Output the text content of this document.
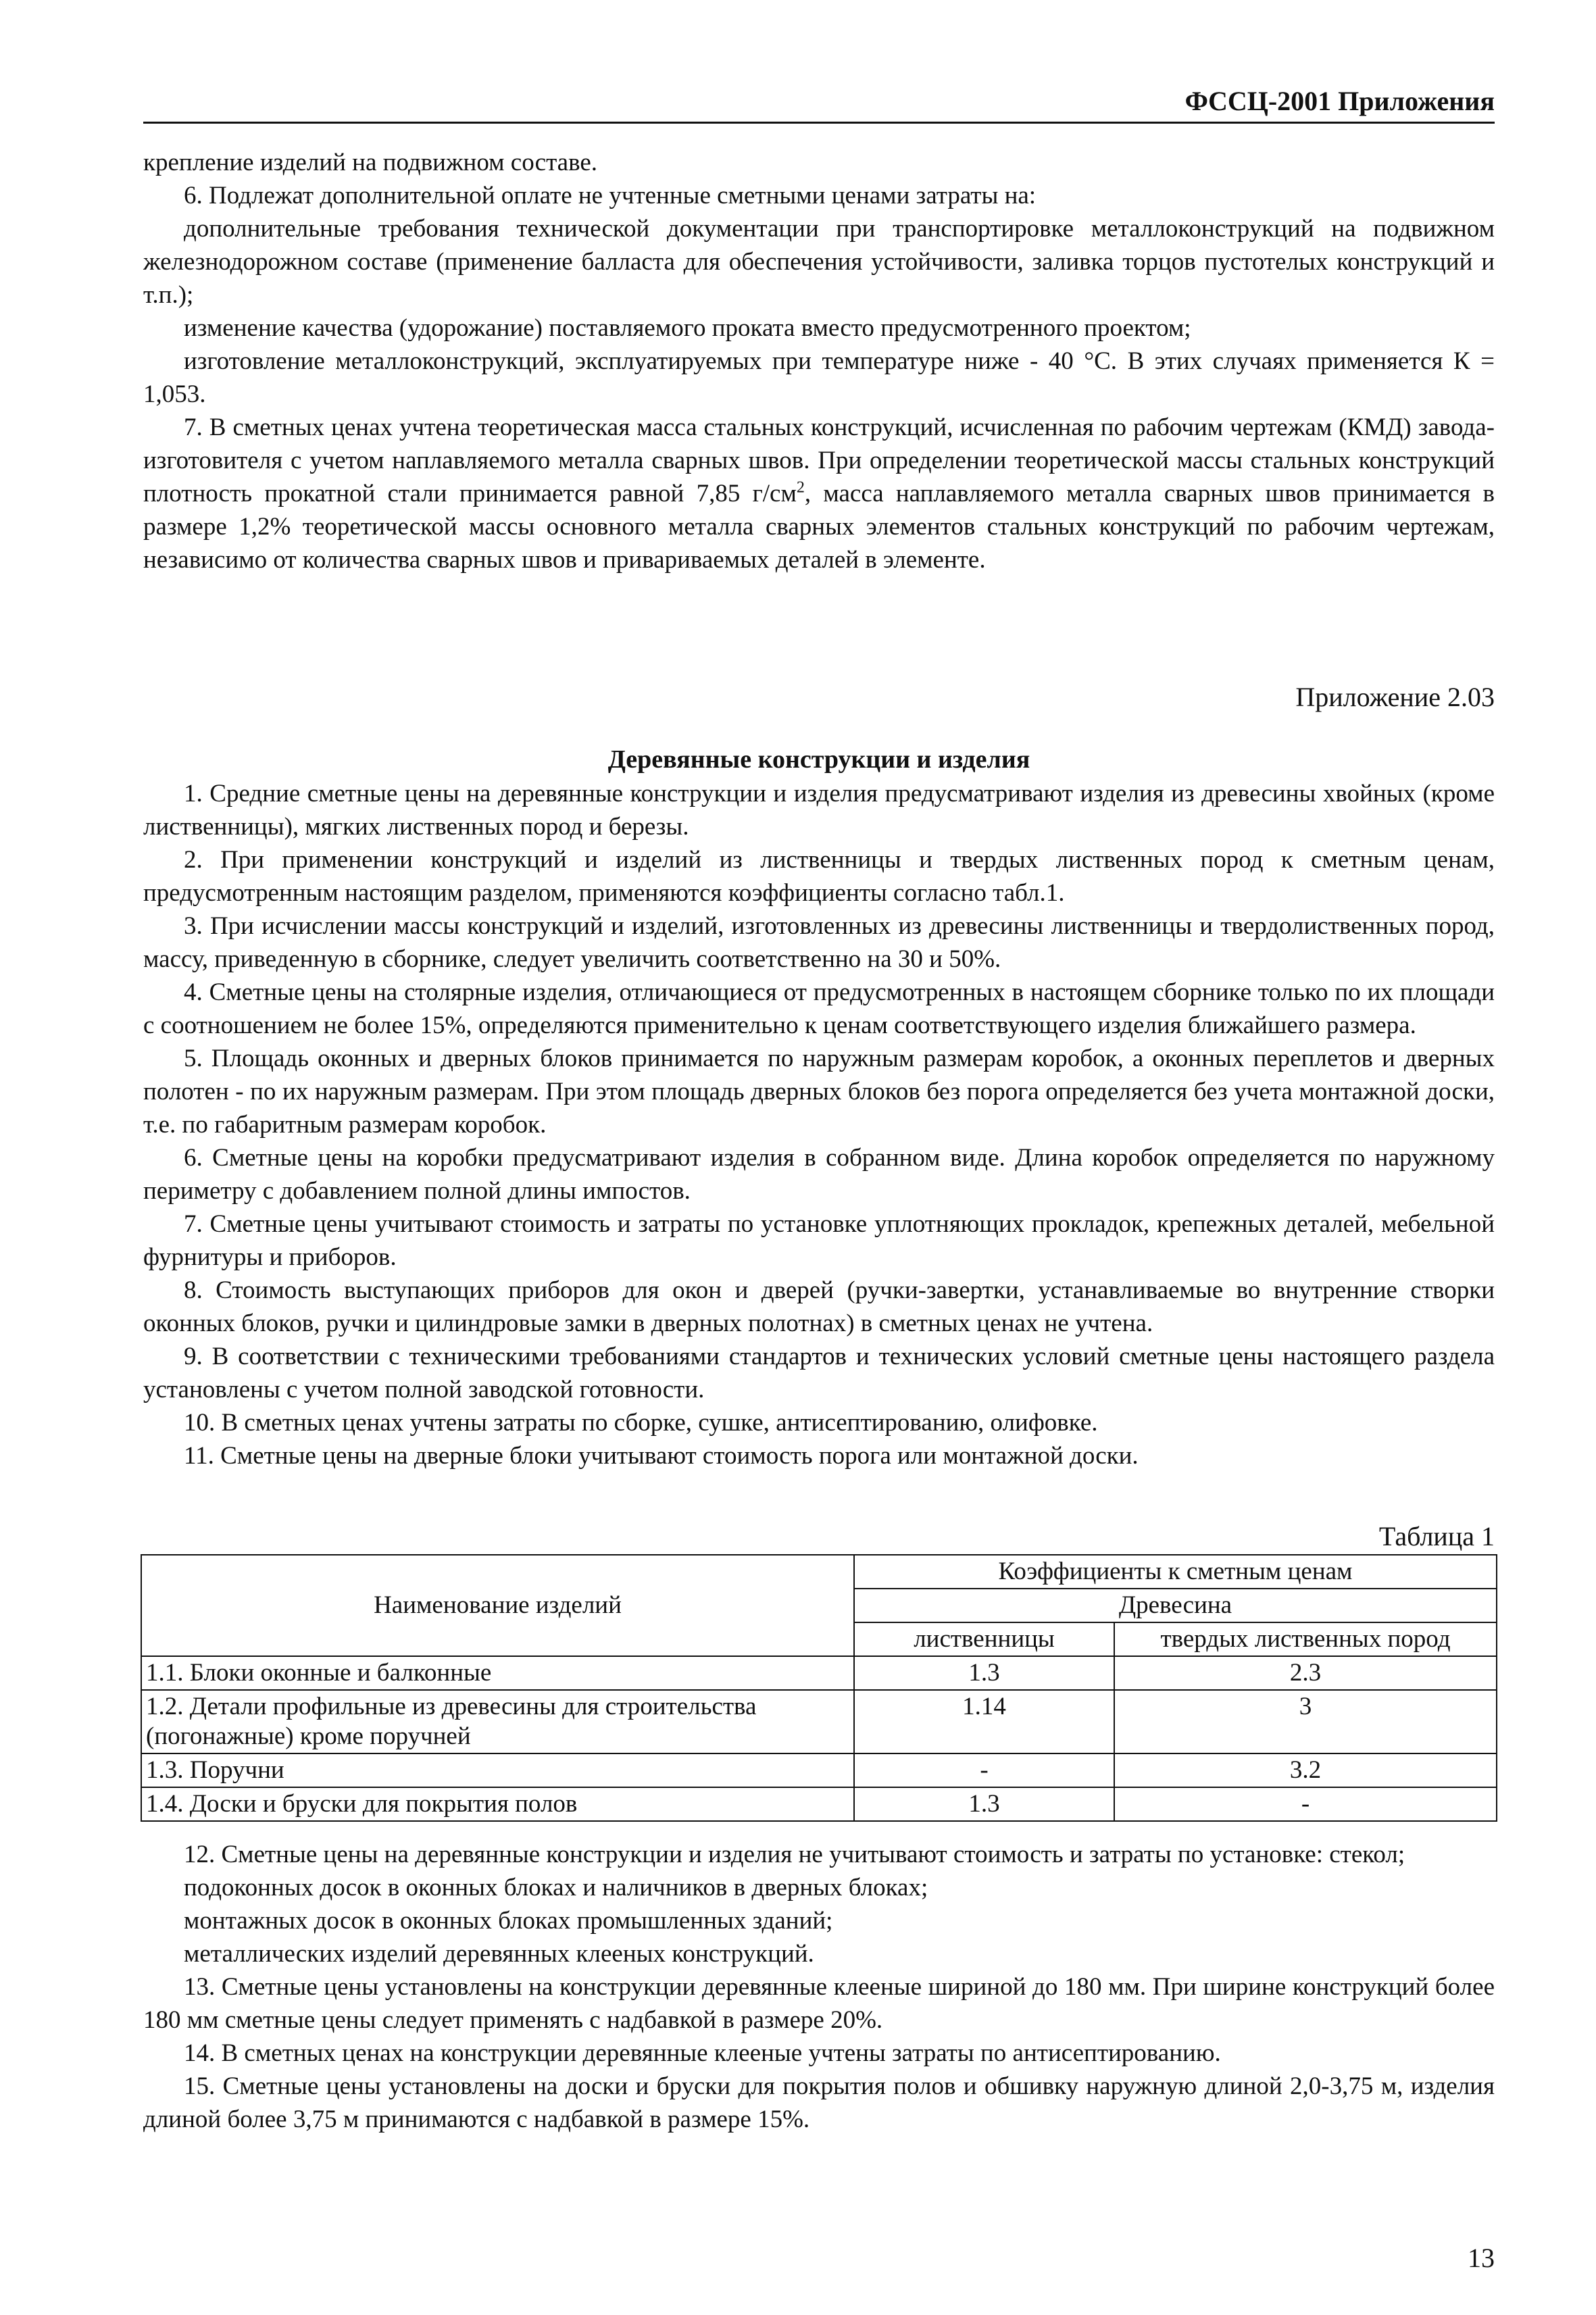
ФССЦ-2001 Приложения

крепление изделий на подвижном составе.

6. Подлежат дополнительной оплате не учтенные сметными ценами затраты на:

дополнительные требования технической документации при транспортировке металлоконструкций на подвижном железнодорожном составе (применение балласта для обеспечения устойчивости, заливка торцов пустотелых конструкций и т.п.);

изменение качества (удорожание) поставляемого проката вместо предусмотренного проектом;

изготовление металлоконструкций, эксплуатируемых при температуре ниже - 40 °С. В этих случаях применяется К = 1,053.

7. В сметных ценах учтена теоретическая масса стальных конструкций, исчисленная по рабочим чертежам (КМД) завода-изготовителя с учетом наплавляемого металла сварных швов. При определении теоретической массы стальных конструкций плотность прокатной стали принимается равной 7,85 $г/см^2$, масса наплавляемого металла сварных швов принимается в размере 1,2% теоретической массы основного металла сварных элементов стальных конструкций по рабочим чертежам, независимо от количества сварных швов и привариваемых деталей в элементе.

Приложение 2.03
Деревянные конструкции и изделия

1. Средние сметные цены на деревянные конструкции и изделия предусматривают изделия из древесины хвойных (кроме лиственницы), мягких лиственных пород и березы.

2. При применении конструкций и изделий из лиственницы и твердых лиственных пород к сметным ценам, предусмотренным настоящим разделом, применяются коэффициенты согласно табл.1.

3. При исчислении массы конструкций и изделий, изготовленных из древесины лиственницы и твердолиственных пород, массу, приведенную в сборнике, следует увеличить соответственно на 30 и 50%.

4. Сметные цены на столярные изделия, отличающиеся от предусмотренных в настоящем сборнике только по их площади с соотношением не более 15%, определяются применительно к ценам соответствующего изделия ближайшего размера.

5. Площадь оконных и дверных блоков принимается по наружным размерам коробок, а оконных переплетов и дверных полотен - по их наружным размерам. При этом площадь дверных блоков без порога определяется без учета монтажной доски, т.е. по габаритным размерам коробок.

6. Сметные цены на коробки предусматривают изделия в собранном виде. Длина коробок определяется по наружному периметру с добавлением полной длины импостов.

7. Сметные цены учитывают стоимость и затраты по установке уплотняющих прокладок, крепежных деталей, мебельной фурнитуры и приборов.

8. Стоимость выступающих приборов для окон и дверей (ручки-завертки, устанавливаемые во внутренние створки оконных блоков, ручки и цилиндровые замки в дверных полотнах) в сметных ценах не учтена.

9. В соответствии с техническими требованиями стандартов и технических условий сметные цены настоящего раздела установлены с учетом полной заводской готовности.

10. В сметных ценах учтены затраты по сборке, сушке, антисептированию, олифовке.

11. Сметные цены на дверные блоки учитывают стоимость порога или монтажной доски.

Таблица 1
Наименование изделий	Коэффициенты к сметным ценам	
	Древесина	
	лиственницы	твердых лиственных пород
1.1. Блоки оконные и балконные	1.3	2.3
1.2. Детали профильные из древесины для строительства (погонажные) кроме поручней	1.14	3
1.3. Поручни	-	3.2
1.4. Доски и бруски для покрытия полов	1.3	-

12. Сметные цены на деревянные конструкции и изделия не учитывают стоимость и затраты по установке: стекол;

подоконных досок в оконных блоках и наличников в дверных блоках;

монтажных досок в оконных блоках промышленных зданий;

металлических изделий деревянных клееных конструкций.

13. Сметные цены установлены на конструкции деревянные клееные шириной до 180 мм. При ширине конструкций более 180 мм сметные цены следует применять с надбавкой в размере 20%.

14. В сметных ценах на конструкции деревянные клееные учтены затраты по антисептированию.

15. Сметные цены установлены на доски и бруски для покрытия полов и обшивку наружную длиной 2,0-3,75 м, изделия длиной более 3,75 м принимаются с надбавкой в размере 15%.

13
